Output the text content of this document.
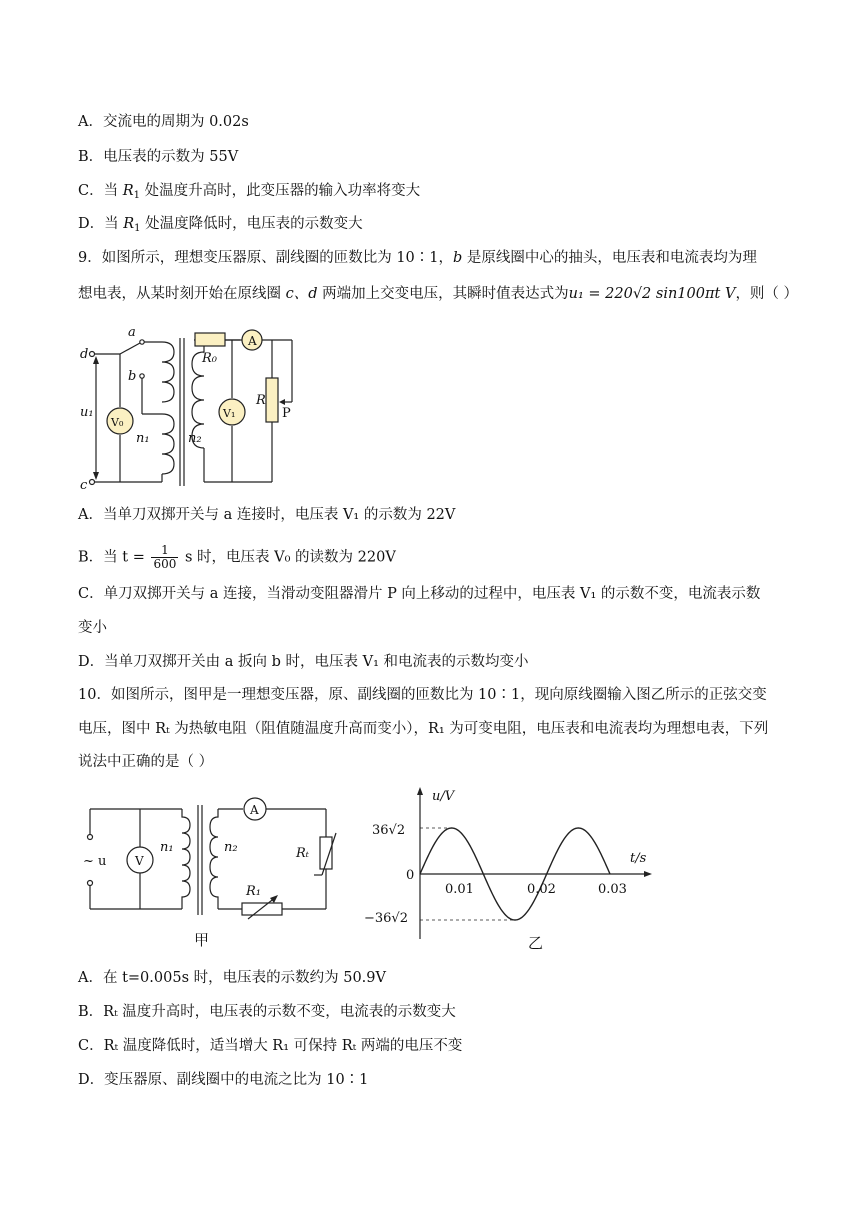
A．交流电的周期为 0.02s
B．电压表的示数为 55V
C．当 $R_1$ 处温度升高时，此变压器的输入功率将变大
D．当 $R_1$ 处温度降低时，电压表的示数变大
9．如图所示，理想变压器原、副线圈的匝数比为 10∶1，b 是原线圈中心的抽头，电压表和电流表均为理
想电表，从某时刻开始在原线圈 c、d 两端加上交变电压，其瞬时值表达式为u₁ = 220√2 sin100πt V，则（ ）
d
c
a
b
u₁
V₀
V₁
n₁	n₂
R₀
A
R
P
A．当单刀双掷开关与 a 连接时，电压表 V₁ 的示数为 22V
B．当 $t = \frac{1}{600}$ s 时，电压表 V₀ 的读数为 220V
C．单刀双掷开关与 a 连接，当滑动变阻器滑片 P 向上移动的过程中，电压表 V₁ 的示数不变，电流表示数
变小
D．当单刀双掷开关由 a 扳向 b 时，电压表 V₁ 和电流表的示数均变小
10．如图所示，图甲是一理想变压器，原、副线圈的匝数比为 10∶1，现向原线圈输入图乙所示的正弦交变
电压，图中 Rₜ 为热敏电阻（阻值随温度升高而变小），R₁ 为可变电阻，电压表和电流表均为理想电表，下列
说法中正确的是（ ）
~ u V
n₁	n₂
A
Rₜ
R₁
甲
u/V
t/s
36√2
0
−36√2
0.01	0.02	0.03
乙
A．在 t=0.005s 时，电压表的示数约为 50.9V
B．Rₜ 温度升高时，电压表的示数不变，电流表的示数变大
C．Rₜ 温度降低时，适当增大 R₁ 可保持 Rₜ 两端的电压不变
D．变压器原、副线圈中的电流之比为 10∶1
